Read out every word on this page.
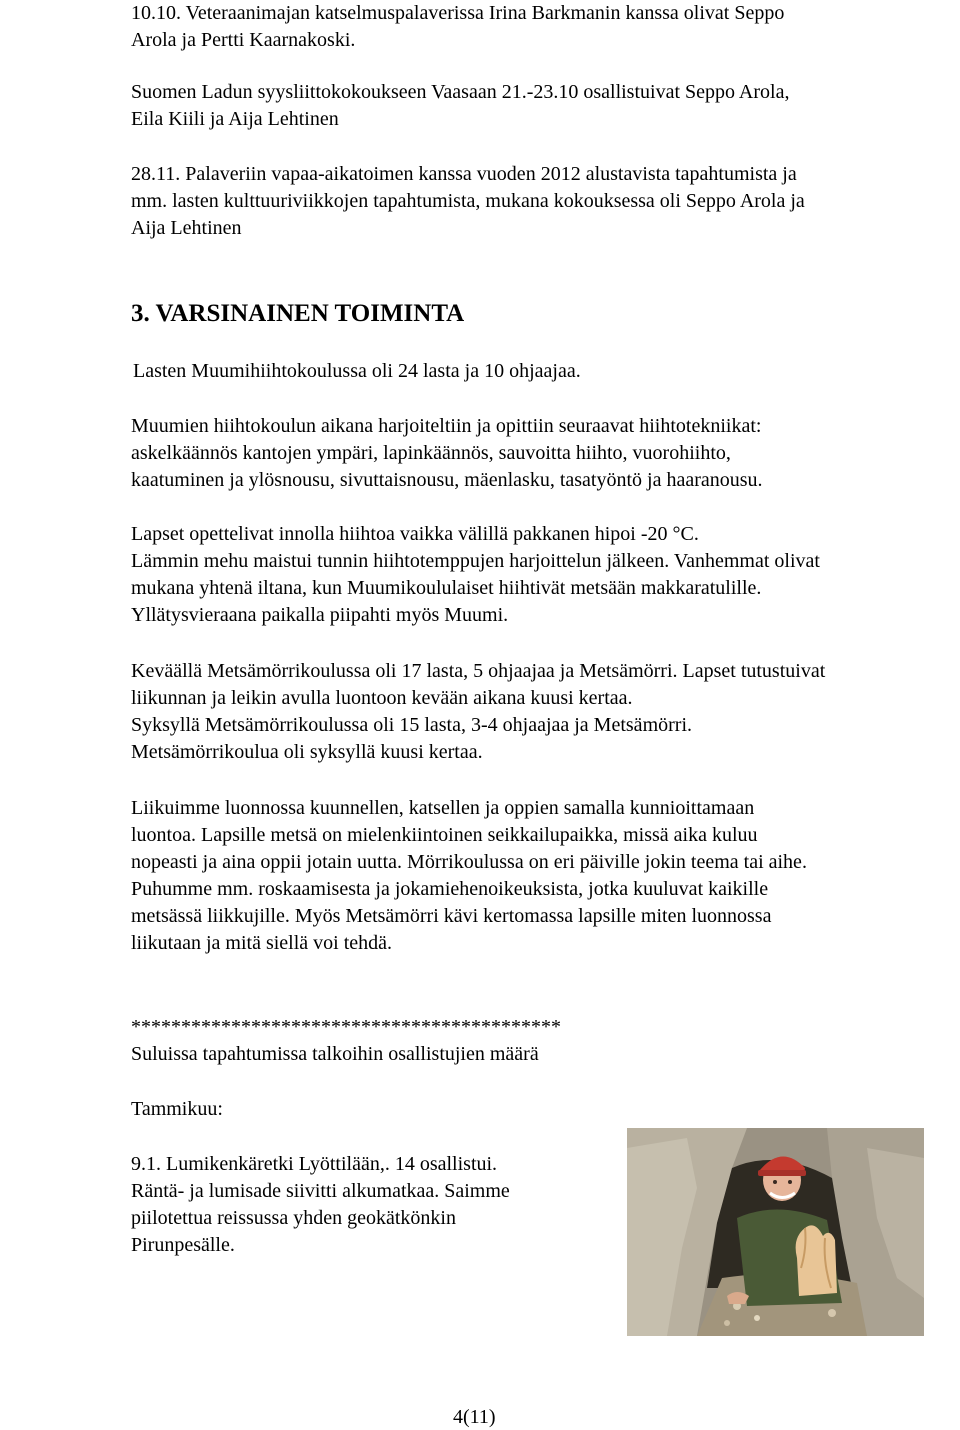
10.10. Veteraanimajan katselmuspalaverissa Irina Barkmanin kanssa olivat Seppo
Arola ja Pertti Kaarnakoski.

Suomen Ladun syysliittokokoukseen Vaasaan 21.-23.10 osallistuivat Seppo Arola,
Eila Kiili ja Aija Lehtinen

28.11. Palaveriin vapaa-aikatoimen kanssa vuoden 2012 alustavista tapahtumista ja
mm. lasten kulttuuriviikkojen tapahtumista, mukana kokouksessa oli Seppo Arola ja
Aija Lehtinen

3. VARSINAINEN TOIMINTA

Lasten Muumihiihtokoulussa oli 24 lasta ja 10 ohjaajaa.

Muumien hiihtokoulun aikana harjoiteltiin ja opittiin seuraavat hiihtotekniikat:
askelkäännös kantojen ympäri, lapinkäännös, sauvoitta hiihto, vuorohiihto,
kaatuminen ja ylösnousu, sivuttaisnousu, mäenlasku, tasatyöntö ja haaranousu.

Lapset opettelivat innolla hiihtoa vaikka välillä pakkanen hipoi -20 °C.
Lämmin mehu maistui tunnin hiihtotemppujen harjoittelun jälkeen. Vanhemmat olivat
mukana yhtenä iltana, kun Muumikoululaiset hiihtivät metsään makkaratulille.
Yllätysvieraana paikalla piipahti myös Muumi.

Keväällä Metsämörrikoulussa oli 17 lasta, 5 ohjaajaa ja Metsämörri. Lapset tutustuivat
liikunnan ja leikin avulla luontoon kevään aikana kuusi kertaa.
Syksyllä Metsämörrikoulussa oli 15 lasta, 3-4 ohjaajaa ja Metsämörri.
Metsämörrikoulua oli syksyllä kuusi kertaa.

Liikuimme luonnossa kuunnellen, katsellen ja oppien samalla kunnioittamaan
luontoa. Lapsille metsä on mielenkiintoinen seikkailupaikka, missä aika kuluu
nopeasti ja aina oppii jotain uutta. Mörrikoulussa on eri päiville jokin teema tai aihe.
Puhumme mm. roskaamisesta ja jokamiehenoikeuksista, jotka kuuluvat kaikille
metsässä liikkujille. Myös Metsämörri kävi kertomassa lapsille miten luonnossa
liikutaan ja mitä siellä voi tehdä.

*******************************************

Suluissa tapahtumissa talkoihin osallistujien määrä

Tammikuu:

9.1. Lumikenkäretki Lyöttilään,. 14 osallistui.
Räntä- ja lumisade siivitti alkumatkaa. Saimme
piilotettua reissussa yhden geokätkönkin
Pirunpesälle.

4(11)
